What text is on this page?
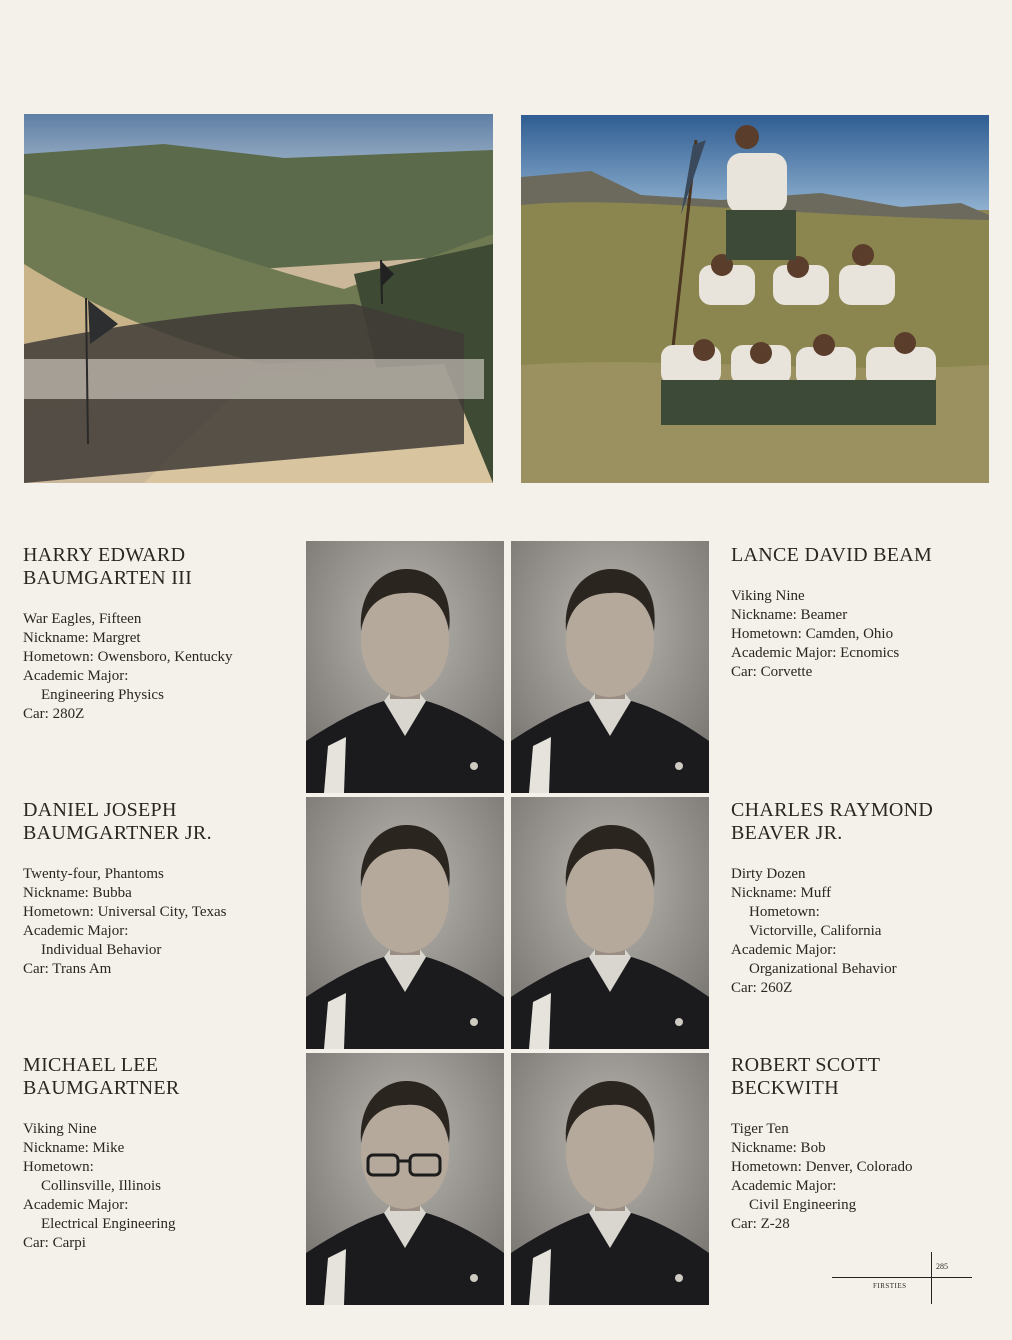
HARRY EDWARD
BAUMGARTEN III
War Eagles, Fifteen
Nickname: Margret
Hometown: Owensboro, Kentucky
Academic Major:
Engineering Physics
Car: 280Z
LANCE DAVID BEAM
Viking Nine
Nickname: Beamer
Hometown: Camden, Ohio
Academic Major: Ecnomics
Car: Corvette
DANIEL JOSEPH
BAUMGARTNER JR.
Twenty-four, Phantoms
Nickname: Bubba
Hometown: Universal City, Texas
Academic Major:
Individual Behavior
Car: Trans Am
CHARLES RAYMOND
BEAVER JR.
Dirty Dozen
Nickname: Muff
Hometown:
Victorville, California
Academic Major:
Organizational Behavior
Car: 260Z
MICHAEL LEE
BAUMGARTNER
Viking Nine
Nickname: Mike
Hometown:
Collinsville, Illinois
Academic Major:
Electrical Engineering
Car: Carpi
ROBERT SCOTT
BECKWITH
Tiger Ten
Nickname: Bob
Hometown: Denver, Colorado
Academic Major:
Civil Engineering
Car: Z-28
285
FIRSTIES
